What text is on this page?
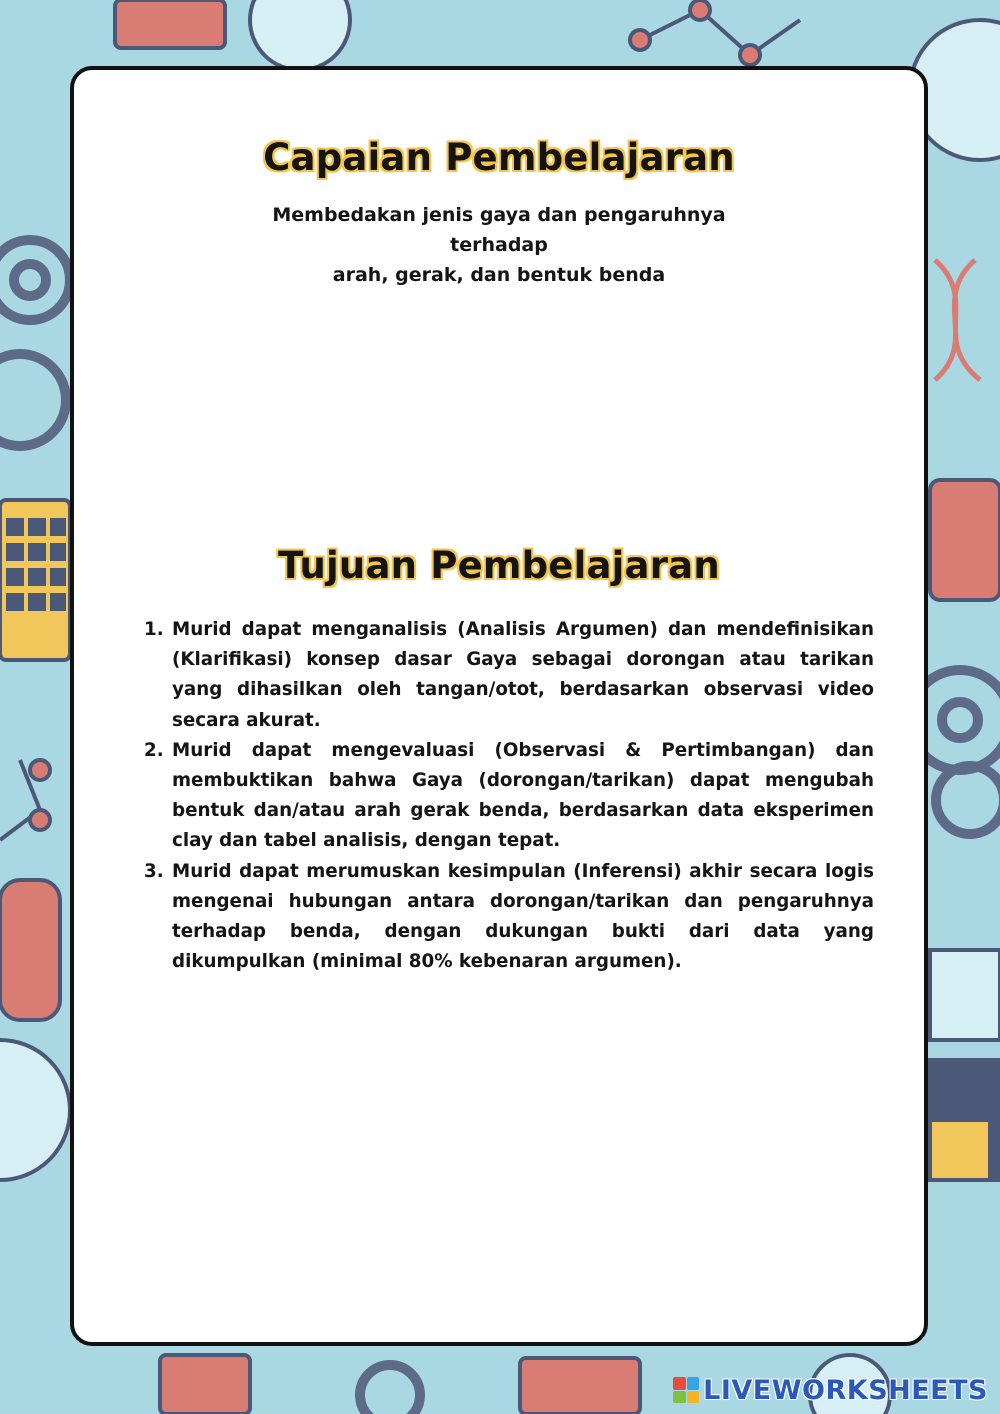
Capaian Pembelajaran
Membedakan jenis gaya dan pengaruhnya terhadap
arah, gerak, dan bentuk benda
Tujuan Pembelajaran
1. Murid dapat menganalisis (Analisis Argumen) dan mendefinisikan (Klarifikasi) konsep dasar Gaya sebagai dorongan atau tarikan yang dihasilkan oleh tangan/otot, berdasarkan observasi video secara akurat.
2. Murid dapat mengevaluasi (Observasi & Pertimbangan) dan membuktikan bahwa Gaya (dorongan/tarikan) dapat mengubah bentuk dan/atau arah gerak benda, berdasarkan data eksperimen clay dan tabel analisis, dengan tepat.
3. Murid dapat merumuskan kesimpulan (Inferensi) akhir secara logis mengenai hubungan antara dorongan/tarikan dan pengaruhnya terhadap benda, dengan dukungan bukti dari data yang dikumpulkan (minimal 80% kebenaran argumen).
LIVEWORKSHEETS
